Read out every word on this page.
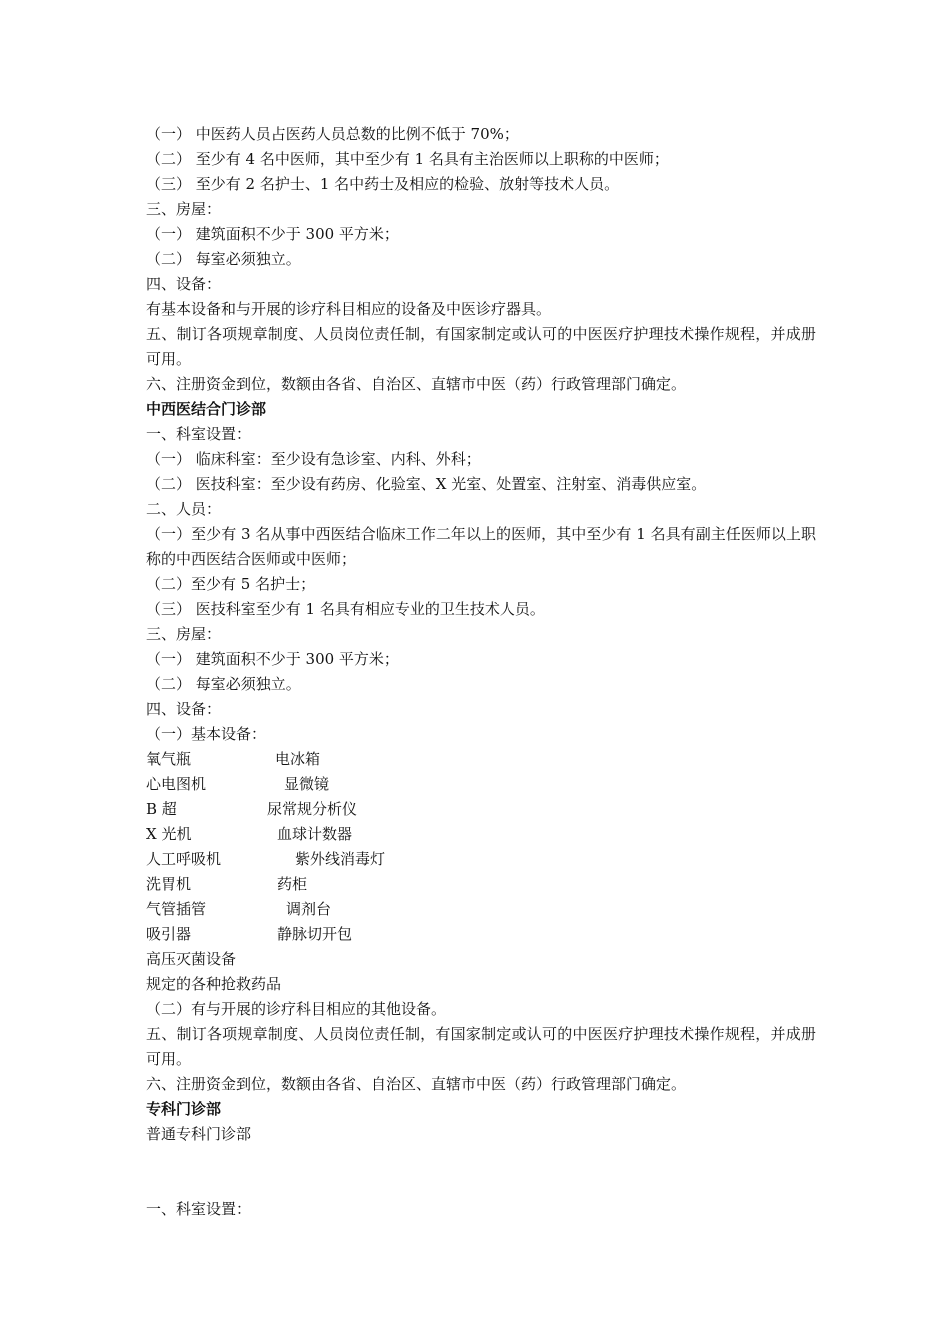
（一） 中医药人员占医药人员总数的比例不低于 70%；
（二） 至少有 4 名中医师，其中至少有 1 名具有主治医师以上职称的中医师；
（三） 至少有 2 名护士、1 名中药士及相应的检验、放射等技术人员。
三、房屋：
（一） 建筑面积不少于 300 平方米；
（二） 每室必须独立。
四、设备：
有基本设备和与开展的诊疗科目相应的设备及中医诊疗器具。
五、制订各项规章制度、人员岗位责任制，有国家制定或认可的中医医疗护理技术操作规程，并成册可用。
六、注册资金到位，数额由各省、自治区、直辖市中医（药）行政管理部门确定。
中西医结合门诊部
一、科室设置：
（一） 临床科室：至少设有急诊室、内科、外科；
（二） 医技科室：至少设有药房、化验室、X 光室、处置室、注射室、消毒供应室。
二、人员：
（一）至少有 3 名从事中西医结合临床工作二年以上的医师，其中至少有 1 名具有副主任医师以上职称的中西医结合医师或中医师；
（二）至少有 5 名护士；
（三） 医技科室至少有 1 名具有相应专业的卫生技术人员。
三、房屋：
（一） 建筑面积不少于 300 平方米；
（二） 每室必须独立。
四、设备：
（一）基本设备：
氧气瓶	电冰箱
心电图机	显微镜
B 超	尿常规分析仪
X 光机	血球计数器
人工呼吸机	紫外线消毒灯
洗胃机	药柜
气管插管	调剂台
吸引器	静脉切开包
高压灭菌设备
规定的各种抢救药品
（二）有与开展的诊疗科目相应的其他设备。
五、制订各项规章制度、人员岗位责任制，有国家制定或认可的中医医疗护理技术操作规程，并成册可用。
六、注册资金到位，数额由各省、自治区、直辖市中医（药）行政管理部门确定。
专科门诊部
普通专科门诊部
一、科室设置：
